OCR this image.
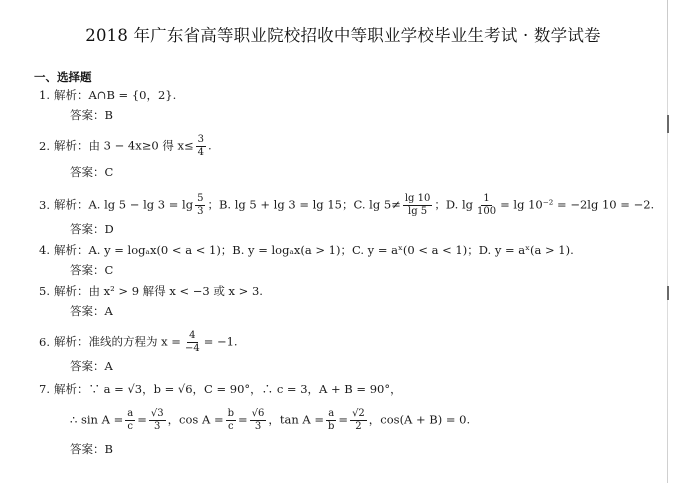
2018 年广东省高等职业院校招收中等职业学校毕业生考试 · 数学试卷
一、选择题
1. 解析：A∩B = {0，2}.
答案：B
2. 解析：由 3 − 4x≥0 得 $x\le \frac{3}{4}$ .
答案：C
3. 解析：A. $\lg 5 - \lg 3 = \lg \frac{5}{3}$ ；B. lg 5 + lg 3 = lg 15；C. $\lg 5\ne \frac{\lg 10}{\lg 5}$ ；D. $\lg \frac{1}{100} = \lg 10^{-2} = -2\lg$ 10 = −2.
答案：D
4. 解析：A. y = logₐx(0 < a < 1)；B. y = logₐx(a > 1)；C. y = aˣ(0 < a < 1)；D. y = aˣ(a > 1).
答案：C
5. 解析：由 x² > 9 解得 x < −3 或 x > 3.
答案：A
6. 解析：准线的方程为 $x = \frac{4}{-4} = -1$.
答案：A
7. 解析：∵ a = √3，b = √6，C = 90°，∴ c = 3，A + B = 90°，
∴ $\sin A = \frac{a}{c} = \frac{√3}{3}$ ，$\cos A = \frac{b}{c} = \frac{√6}{3}$ ，$\tan A = \frac{a}{b} = \frac{√2}{2}$ ，cos(A + B) = 0.
答案：B
